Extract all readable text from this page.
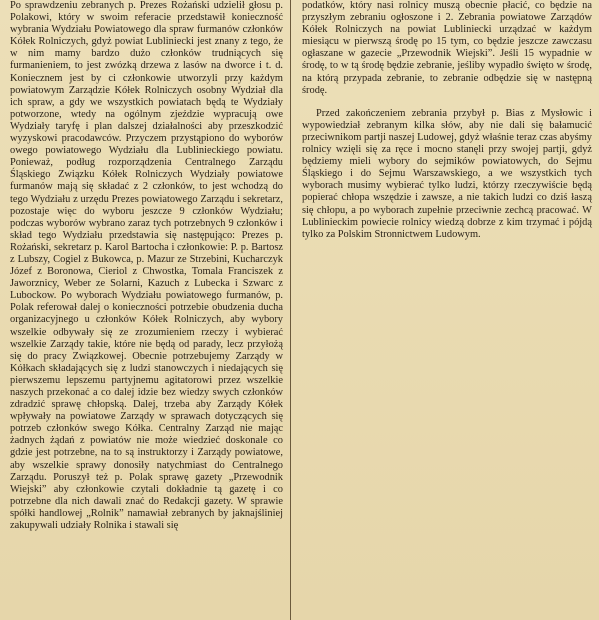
Po sprawdzeniu zebranych p. Prezes Rożański udzielił głosu p. Polakowi, który w swoim referacie przedstawił konieczność wybrania Wydziału Powiatowego dla spraw furmanów członków Kółek Rolniczych, gdyż powiat Lubliniecki jest znany z tego, że w nim mamy bardzo dużo członków trudniących się furmanieniem, to jest zwózką drzewa z lasów na dworce i t. d. Koniecznem jest by ci członkowie utworzyli przy każdym powiatowym Zarządzie Kółek Rolniczych osobny Wydział dla ich spraw, a gdy we wszystkich powiatach będą te Wydziały potworzone, wtedy na ogólnym zjeździe wypracują owe Wydziały taryfę i plan dalszej działalności aby przeszkodzić wyzyskowi pracodawców. Przyczem przystąpiono do wyborów owego powiatowego Wydziału dla Lublinieckiego powiatu. Ponieważ, podług rozporządzenia Centralnego Zarządu Śląskiego Związku Kółek Rolniczych Wydziały powiatowe furmanów mają się składać z 2 członków, to jest wchodzą do tego Wydziału z urzędu Prezes powiatowego Zarządu i sekretarz, pozostaje więc do wyboru jeszcze 9 członków Wydziału; podczas wyborów wybrano zaraz tych potrzebnych 9 członków i skład tego Wydziału przedstawia się następująco: Prezes p. Rożański, sekretarz p. Karol Bartocha i członkowie: P. p. Bartosz z Lubszy, Cogiel z Bukowca, p. Mazur ze Strzebini, Kucharczyk Józef z Boronowa, Cieriol z Chwostka, Tomala Franciszek z Jaworznicy, Weber ze Solarni, Kazuch z Lubecka i Szwarc z Lubockow. Po wyborach Wydziału powiatowego furmanów, p. Polak referował dalej o konieczności potrzebie obudzenia ducha organizacyjnego u członków Kółek Rolniczych, aby wybory wszelkie odbywały się ze zrozumieniem rzeczy i wybierać wszelkie Zarządy takie, które nie będą od parady, lecz przyłożą się do pracy Związkowej. Obecnie potrzebujemy Zarządy w Kółkach składających się z ludzi stanowczych i niedających się pierwszemu lepszemu partyjnemu agitatorowi przez wszelkie naszych przekonać a co dalej idzie bez wiedzy swych członków zdradzić sprawę chłopską. Dalej, trzeba aby Zarządy Kółek wpływały na powiatowe Zarządy w sprawach dotyczących się potrzeb członków swego Kółka. Centralny Zarząd nie mając żadnych żądań z powiatów nie może wiedzieć doskonale co gdzie jest potrzebne, na to są instruktorzy i Zarządy powiatowe, aby wszelkie sprawy donosiły natychmiast do Centralnego Zarządu. Poruszył też p. Polak sprawę gazety „Przewodnik Wiejski” aby członkowie czytali dokładnie tą gazetę i co potrzebne dla nich dawali znać do Redakcji gazety. W sprawie spółki handlowej „Rolnik” namawiał zebranych by jaknajśliniej zakupywali udziały Rolnika i stawali się

podatków, który nasi rolnicy muszą obecnie płacić, co będzie na przyszłym zebraniu ogłoszone i 2. Zebrania powiatowe Zarządów Kółek Rolniczych na powiat Lubliniecki urządzać w każdym miesiącu w pierwszą środę po 15 tym, co będzie jeszcze zawczasu ogłaszane w gazecie „Przewodnik Wiejski”. Jeśli 15 wypadnie w środę, to w tą środę będzie zebranie, jeśliby wypadło święto w środę, na którą przypada zebranie, to zebranie odbędzie się w następną środę.

Przed zakończeniem zebrania przybył p. Bias z Mysłowic i wypowiedział zebranym kilka słów, aby nie dali się bałamucić przeciwnikom partji naszej Ludowej, gdyż właśnie teraz czas abyśmy rolnicy wzięli się za ręce i mocno stanęli przy swojej partji, gdyż będziemy mieli wybory do sejmików powiatowych, do Sejmu Śląskiego i do Sejmu Warszawskiego, a we wszystkich tych wyborach musimy wybierać tylko ludzi, którzy rzeczywiście będą popierać chłopa wszędzie i zawsze, a nie takich ludzi co dziś łaszą się chłopu, a po wyborach zupełnie przeciwnie zechcą pracować. W Lublinieckim powiecie rolnicy wiedzą dobrze z kim trzymać i pójdą tylko za Polskim Stronnictwem Ludowym.
